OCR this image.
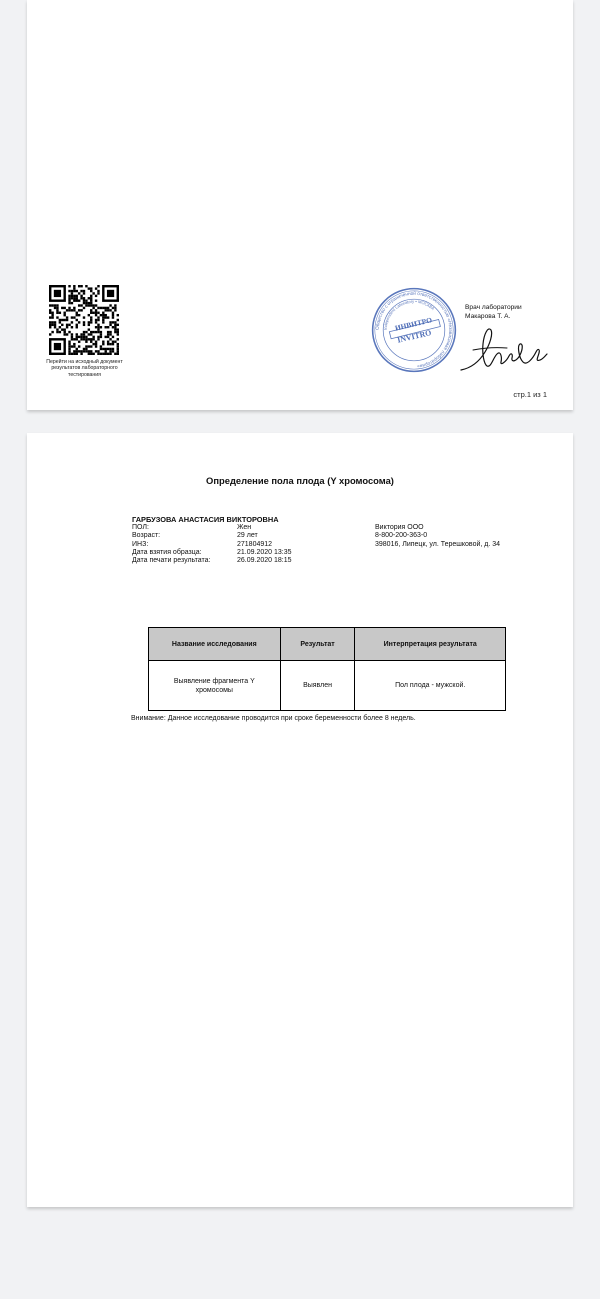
Перейти на исходный документ результатов лабораторного тестирования
Общество с ограниченной ответственностью «Независимая лаборатория»
Independent Laboratory • МОСКВА
ИНВИТРО
INVITRO
Врач лаборатории
Макарова Т. А.
стр.1 из 1
Определение пола плода (Y хромосома)
ГАРБУЗОВА АНАСТАСИЯ ВИКТОРОВНА
ПОЛ:	Жен
Возраст:	29 лет
ИНЗ:	271804912
Дата взятия образца:	21.09.2020 13:35
Дата печати результата:	26.09.2020 18:15
Виктория ООО
8-800-200-363-0
398016, Липецк, ул. Терешковой, д. 34
Название исследования	Результат	Интерпретация результата
Выявление фрагмента Y хромосомы	Выявлен	Пол плода - мужской.
Внимание: Данное исследование проводится при сроке беременности более 8 недель.
